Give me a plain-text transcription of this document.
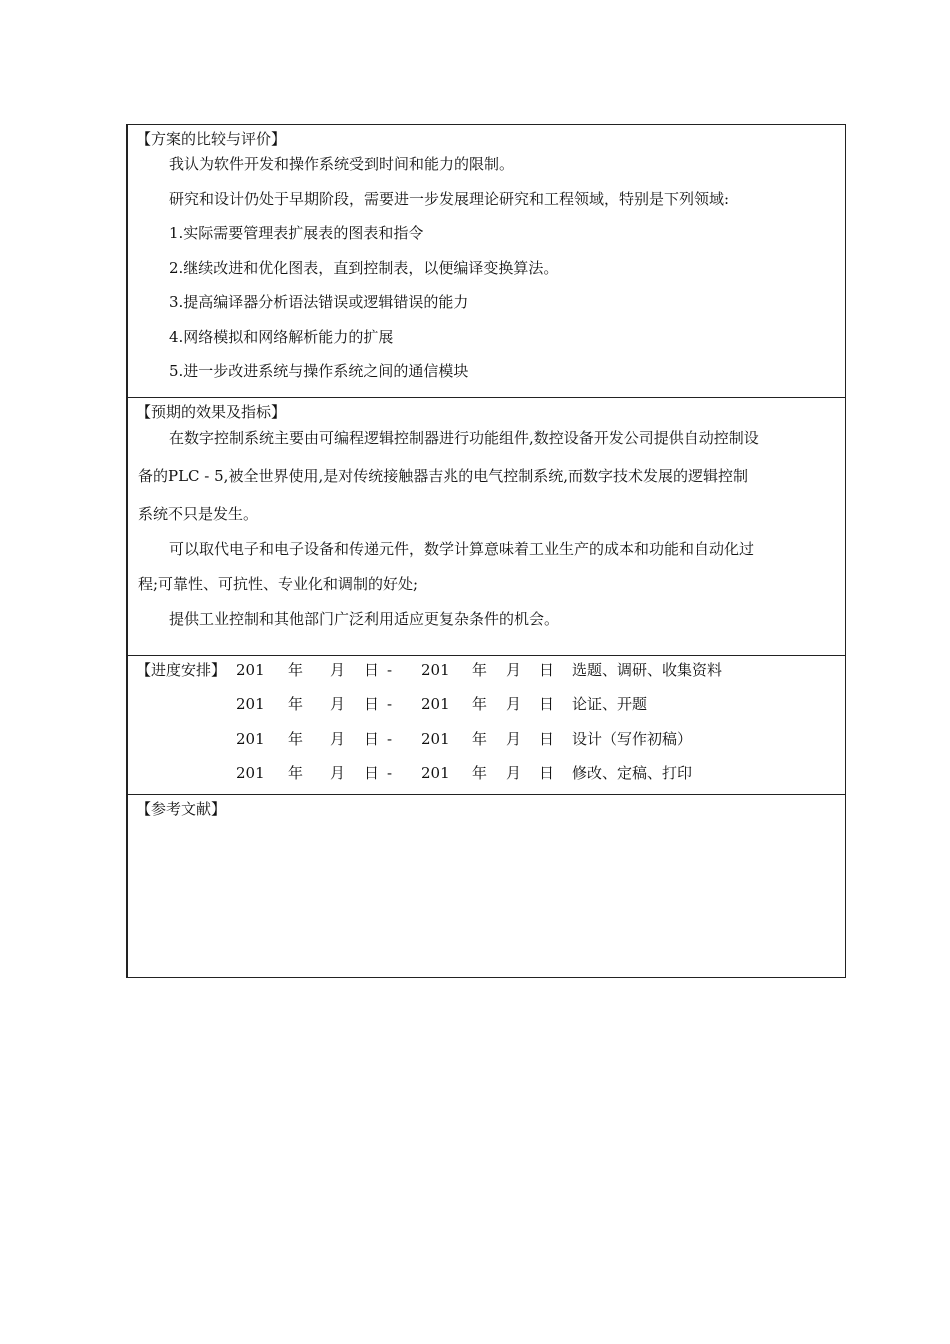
【方案的比较与评价】
我认为软件开发和操作系统受到时间和能力的限制。
研究和设计仍处于早期阶段，需要进一步发展理论研究和工程领域，特别是下列领域:
1.实际需要管理表扩展表的图表和指令
2.继续改进和优化图表，直到控制表，以便编译变换算法。
3.提高编译器分析语法错误或逻辑错误的能力
4.网络模拟和网络解析能力的扩展
5.进一步改进系统与操作系统之间的通信模块
【预期的效果及指标】
在数字控制系统主要由可编程逻辑控制器进行功能组件,数控设备开发公司提供自动控制设
备的PLC - 5,被全世界使用,是对传统接触器吉兆的电气控制系统,而数字技术发展的逻辑控制
系统不只是发生。
可以取代电子和电子设备和传递元件，数学计算意味着工业生产的成本和功能和自动化过
程;可靠性、可抗性、专业化和调制的好处;
提供工业控制和其他部门广泛利用适应更复杂条件的机会。
【进度安排】 201 年 月 日 - 201 年 月 日 选题、调研、收集资料
201 年 月 日 - 201 年 月 日 论证、开题
201 年 月 日 - 201 年 月 日 设计（写作初稿）
201 年 月 日 - 201 年 月 日 修改、定稿、打印
【参考文献】
